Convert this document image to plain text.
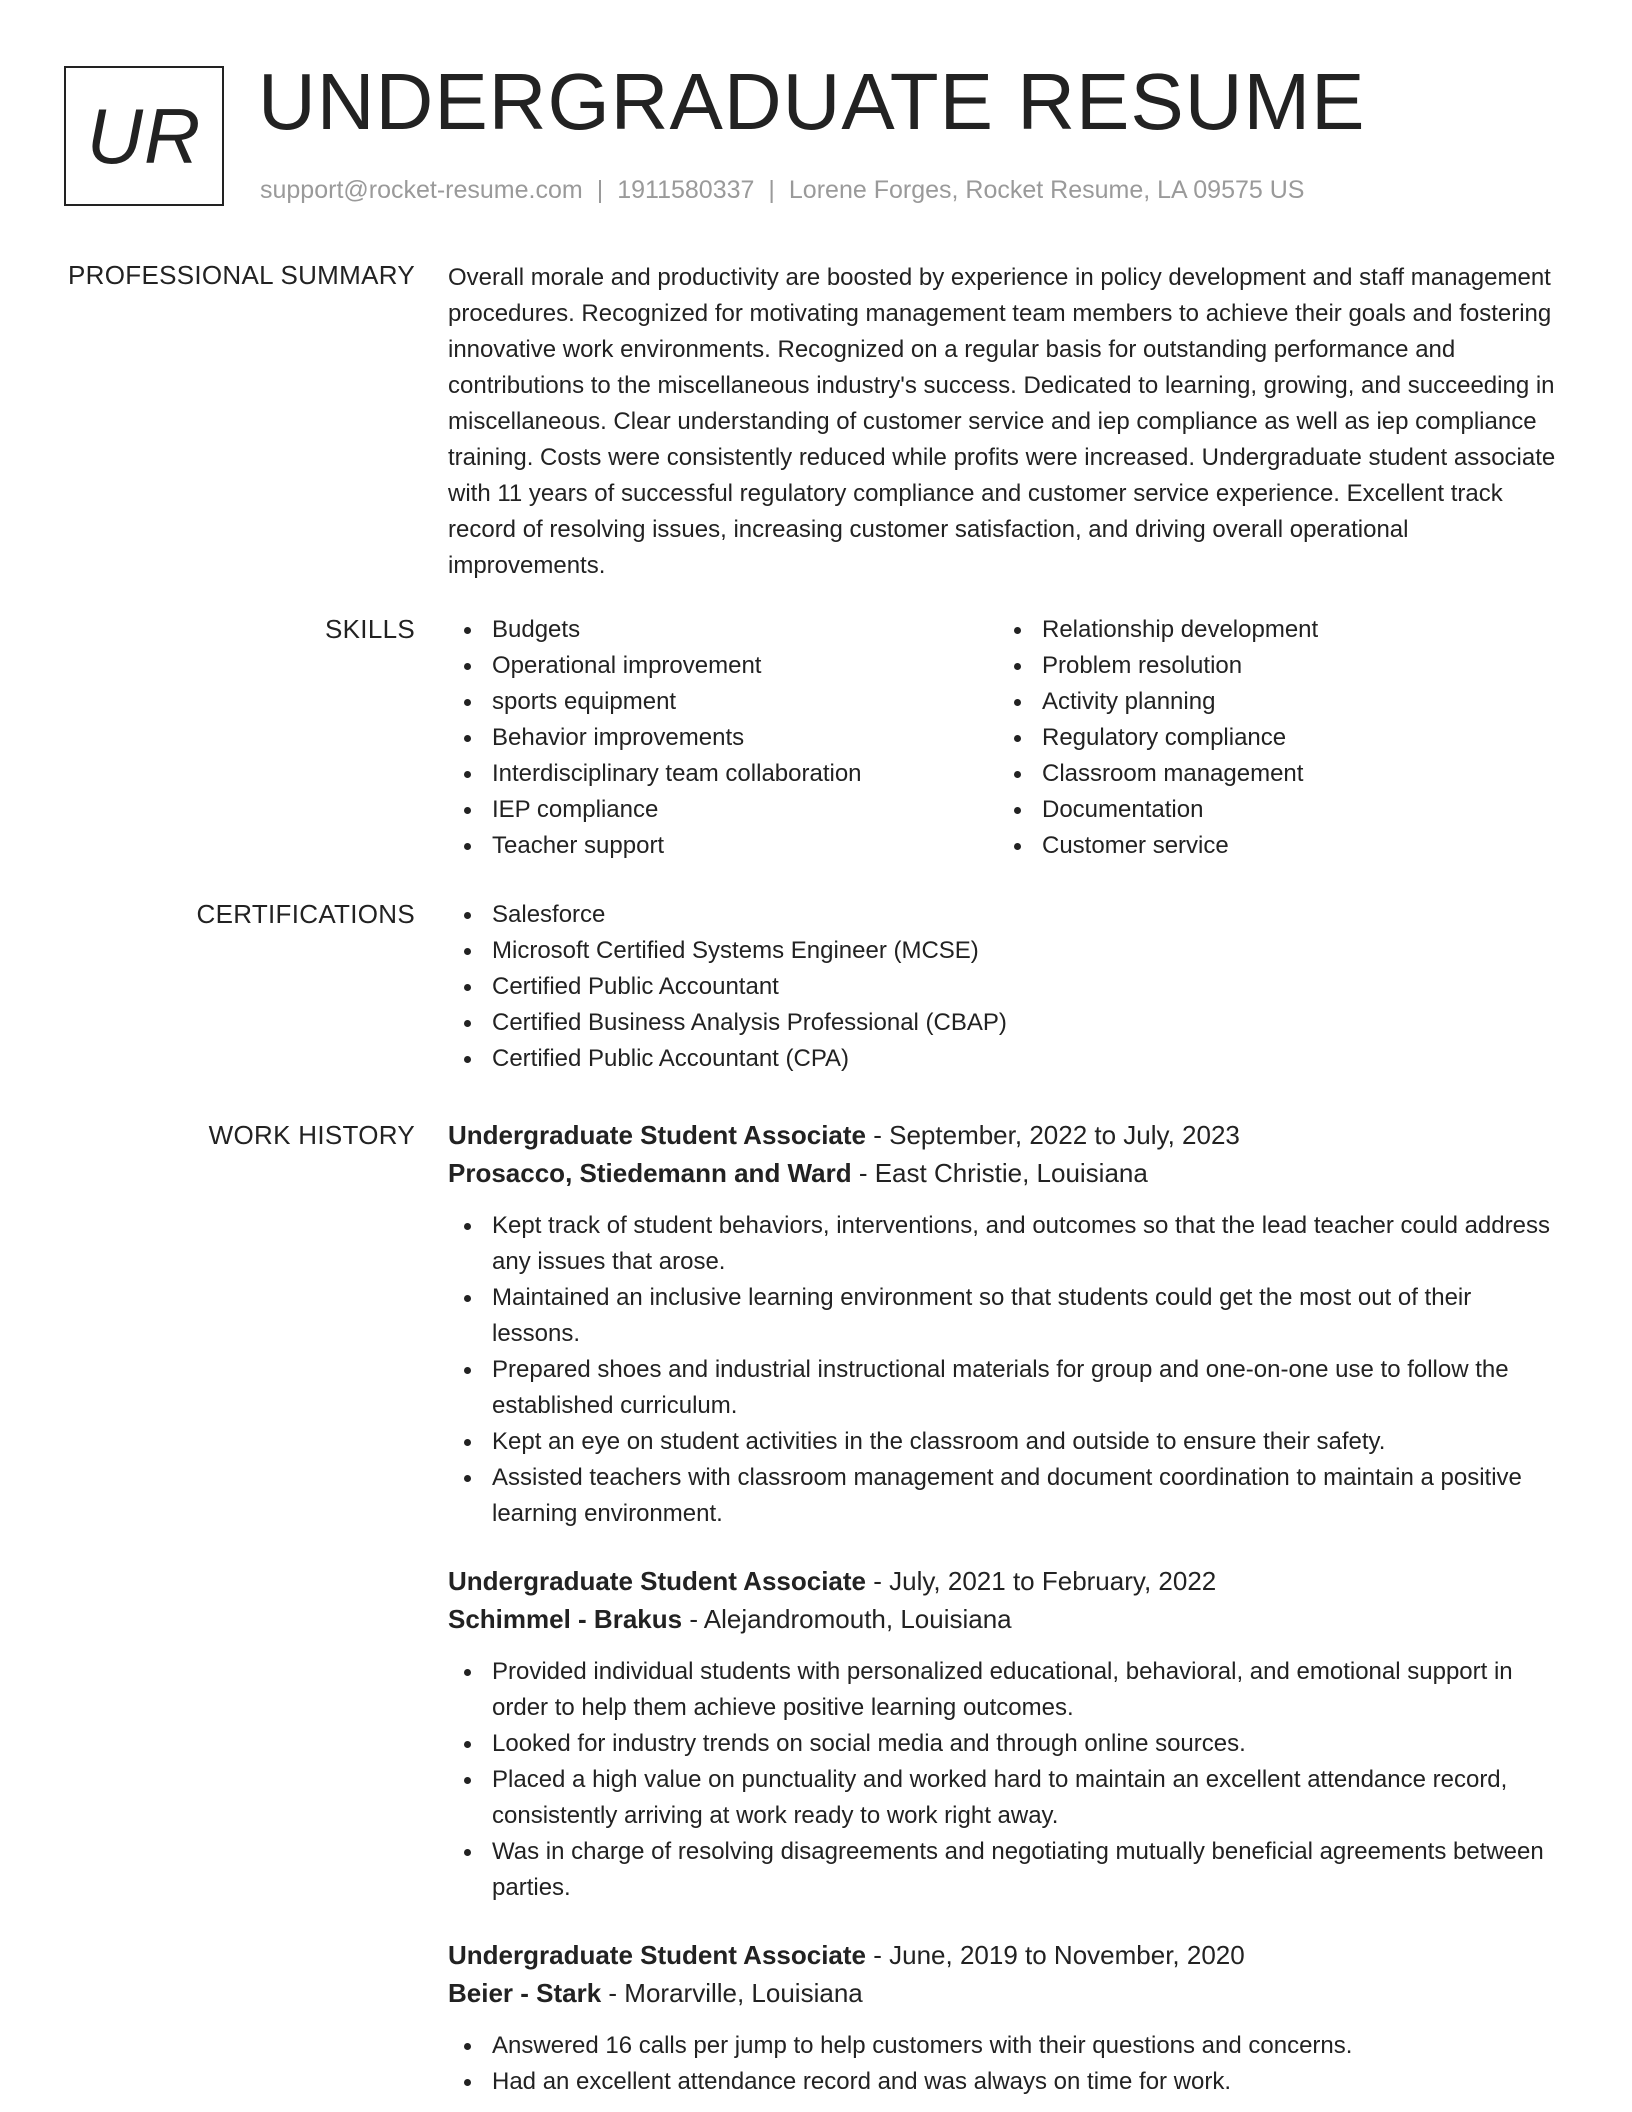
UR UNDERGRADUATE RESUME
support@rocket-resume.com | 1911580337 | Lorene Forges, Rocket Resume, LA 09575 US
PROFESSIONAL SUMMARY Overall morale and productivity are boosted by experience in policy development and staff management procedures. Recognized for motivating management team members to achieve their goals and fostering innovative work environments. Recognized on a regular basis for outstanding performance and contributions to the miscellaneous industry's success. Dedicated to learning, growing, and succeeding in miscellaneous. Clear understanding of customer service and iep compliance as well as iep compliance training. Costs were consistently reduced while profits were increased. Undergraduate student associate with 11 years of successful regulatory compliance and customer service experience. Excellent track record of resolving issues, increasing customer satisfaction, and driving overall operational improvements.

SKILLS	Budgets
Operational improvement
sports equipment
Behavior improvements
Interdisciplinary team collaboration
IEP compliance
Teacher support
Relationship development
Problem resolution
Activity planning
Regulatory compliance
Classroom management
Documentation
Customer service
CERTIFICATIONS	Salesforce
Microsoft Certified Systems Engineer (MCSE)
Certified Public Accountant
Certified Business Analysis Professional (CBAP)
Certified Public Accountant (CPA)
WORK HISTORY Undergraduate Student Associate - September, 2022 to July, 2023
Prosacco, Stiedemann and Ward - East Christie, Louisiana
Kept track of student behaviors, interventions, and outcomes so that the lead teacher could address any issues that arose.
Maintained an inclusive learning environment so that students could get the most out of their lessons.
Prepared shoes and industrial instructional materials for group and one-on-one use to follow the established curriculum.
Kept an eye on student activities in the classroom and outside to ensure their safety.
Assisted teachers with classroom management and document coordination to maintain a positive learning environment.
Undergraduate Student Associate - July, 2021 to February, 2022
Schimmel - Brakus - Alejandromouth, Louisiana
Provided individual students with personalized educational, behavioral, and emotional support in order to help them achieve positive learning outcomes.
Looked for industry trends on social media and through online sources.
Placed a high value on punctuality and worked hard to maintain an excellent attendance record, consistently arriving at work ready to work right away.
Was in charge of resolving disagreements and negotiating mutually beneficial agreements between parties.
Undergraduate Student Associate - June, 2019 to November, 2020
Beier - Stark - Morarville, Louisiana
Answered 16 calls per jump to help customers with their questions and concerns.
Had an excellent attendance record and was always on time for work.
